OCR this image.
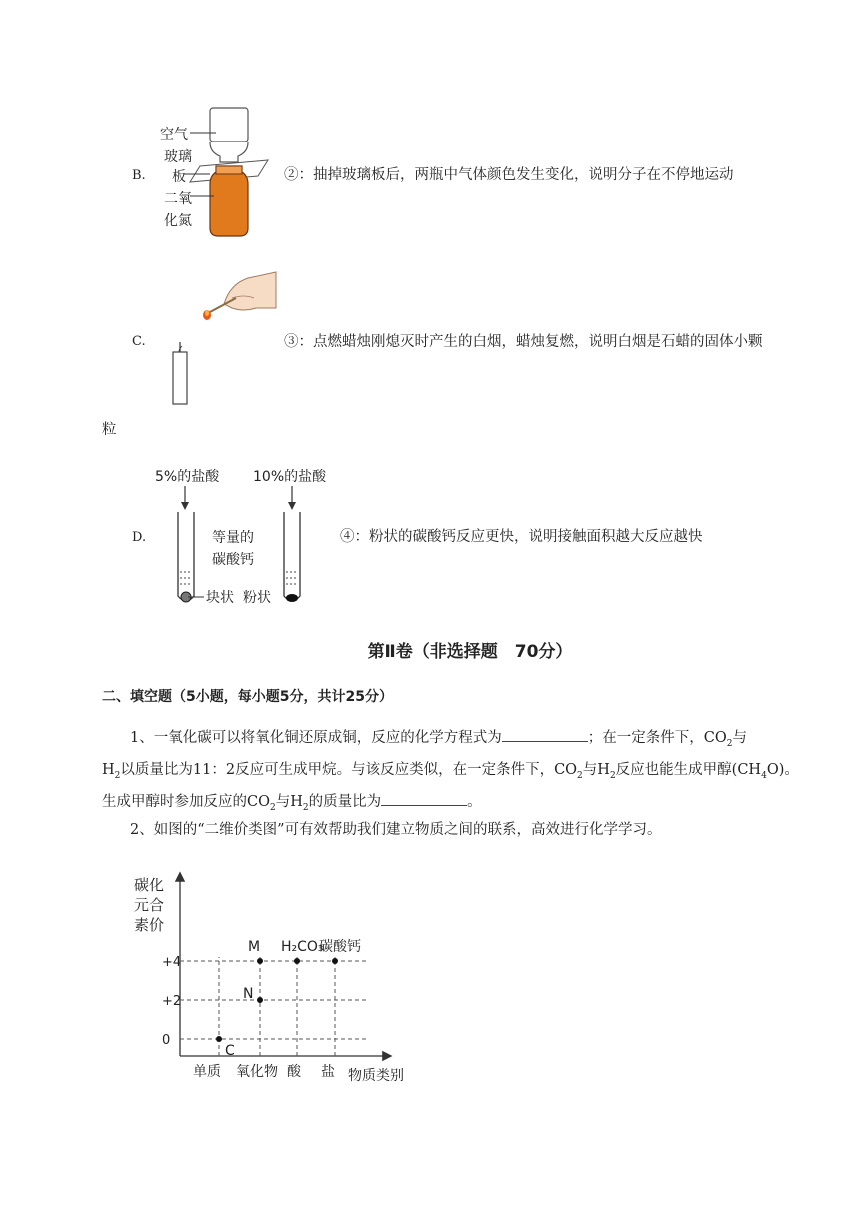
B.
空气
玻璃
板
二氧
化氮
②：抽掉玻璃板后，两瓶中气体颜色发生变化，说明分子在不停地运动
C.	③：点燃蜡烛刚熄灭时产生的白烟，蜡烛复燃，说明白烟是石蜡的固体小颗
粒
D.
5%的盐酸 10%的盐酸
等量的
碳酸钙
块状 粉状
④：粉状的碳酸钙反应更快，说明接触面积越大反应越快
第Ⅱ卷（非选择题　70分）
二、填空题（5小题，每小题5分，共计25分）
1、一氧化碳可以将氧化铜还原成铜，反应的化学方程式为	；在一定条件下，$CO_2$与
$H_2$以质量比为11：2反应可生成甲烷。与该反应类似，在一定条件下，$CO_2$与$H_2$反应也能生成甲醇$(CH_4O)$。
生成甲醇时参加反应的$CO_2$与$H_2$的质量比为	。
2、如图的“二维价类图”可有效帮助我们建立物质之间的联系，高效进行化学学习。
碳化
元合
素价
物质类别
+4
+2
0
单质 氧化物 酸 盐
C
N
M H₂CO₃
碳酸钙
